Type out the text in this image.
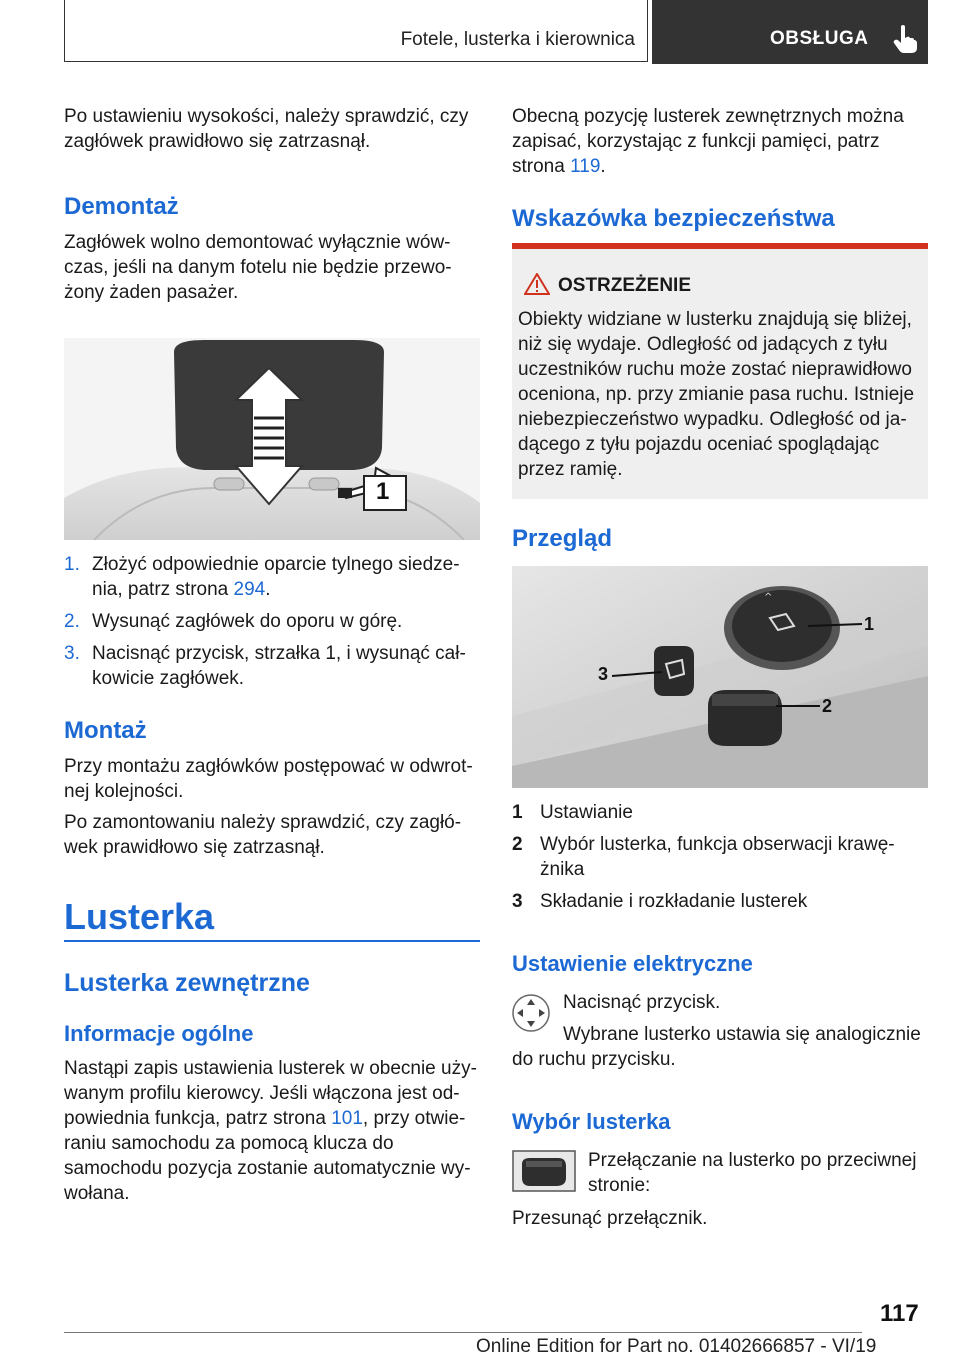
Fotele, lusterka i kierownica	OBSŁUGA

Po ustawieniu wysokości, należy sprawdzić, czy zagłówek prawidłowo się zatrzasnął.

Demontaż

Zagłówek wolno demontować wyłącznie wów-czas, jeśli na danym fotelu nie będzie przewo-żony żaden pasażer.

1
1. Złożyć odpowiednie oparcie tylnego siedze-nia, patrz strona 294.
2. Wysunąć zagłówek do oporu w górę.
3. Nacisnąć przycisk, strzałka 1, i wysunąć cał-kowicie zagłówek.
Montaż

Przy montażu zagłówków postępować w odwrot-nej kolejności.

Po zamontowaniu należy sprawdzić, czy zagłó-wek prawidłowo się zatrzasnął.

Lusterka
Lusterka zewnętrzne
Informacje ogólne

Nastąpi zapis ustawienia lusterek w obecnie uży-wanym profilu kierowcy. Jeśli włączona jest od-powiednia funkcja, patrz strona 101, przy otwie-raniu samochodu za pomocą klucza do samochodu pozycja zostanie automatycznie wy-wołana.

Obecną pozycję lusterek zewnętrznych można zapisać, korzystając z funkcji pamięci, patrz strona 119.

Wskazówka bezpieczeństwa
OSTRZEŻENIE

Obiekty widziane w lusterku znajdują się bliżej, niż się wydaje. Odległość od jadących z tyłu uczestników ruchu może zostać nieprawidłowo oceniona, np. przy zmianie pasa ruchu. Istnieje niebezpieczeństwo wypadku. Odległość od ja-dącego z tyłu pojazdu oceniać spoglądając przez ramię.

Przegląd
^
1
2
3
1 Ustawianie
2 Wybór lusterka, funkcja obserwacji krawę-żnika
3 Składanie i rozkładanie lusterek
Ustawienie elektryczne

Nacisnąć przycisk.

Wybrane lusterko ustawia się analogicznie do ruchu przycisku.

Wybór lusterka

Przełączanie na lusterko po przeciwnej stronie:

Przesunąć przełącznik.

117
Online Edition for Part no. 01402666857 - VI/19
